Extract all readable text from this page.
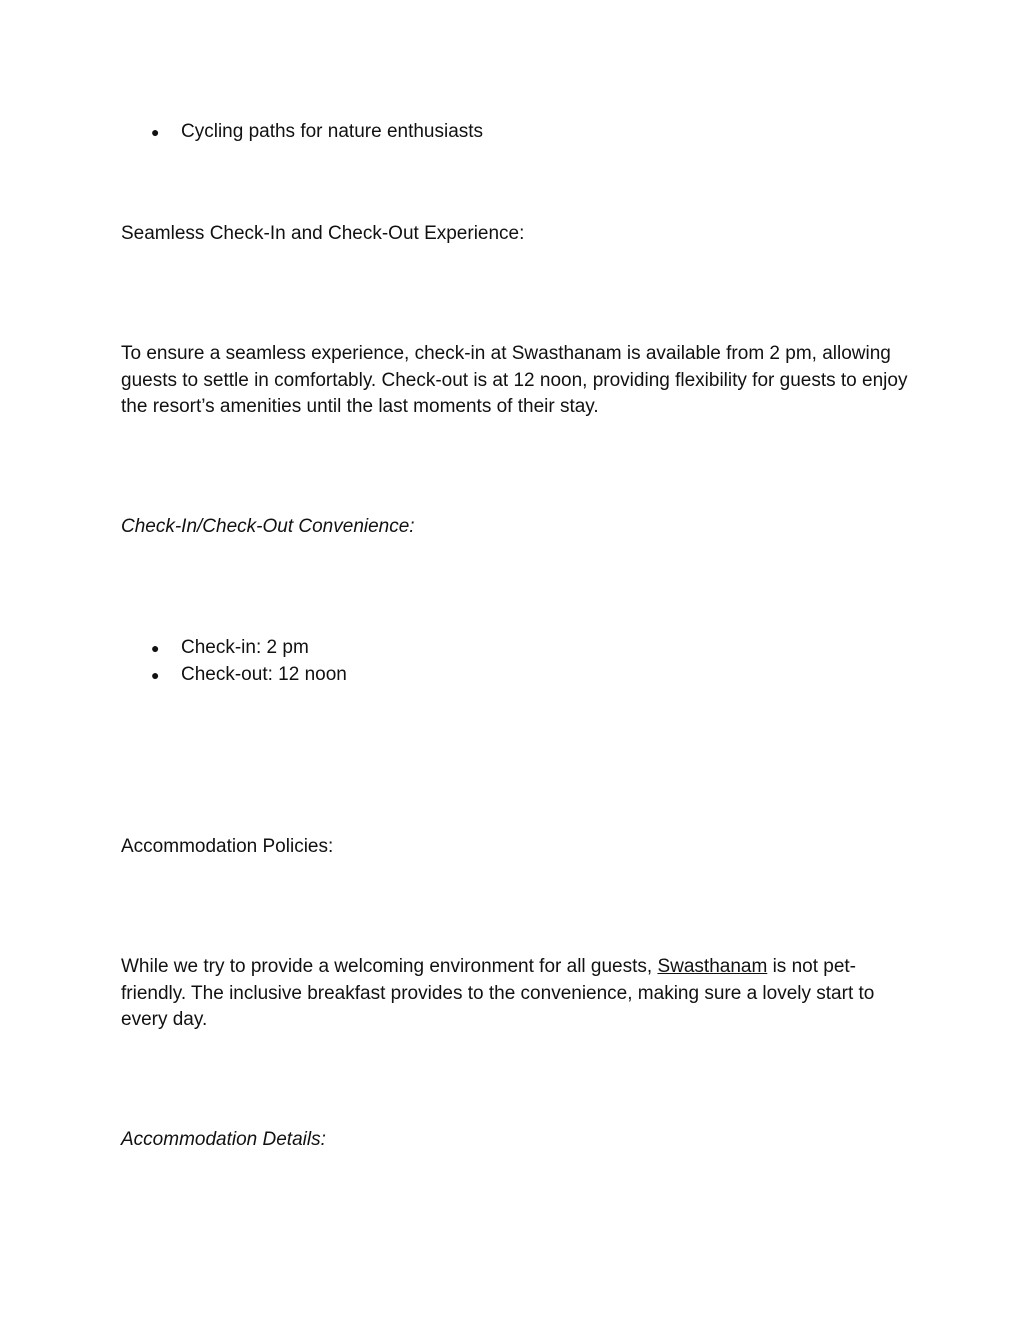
● Cycling paths for nature enthusiasts

Seamless Check-In and Check-Out Experience:

To ensure a seamless experience, check-in at Swasthanam is available from 2 pm, allowing guests to settle in comfortably. Check-out is at 12 noon, providing flexibility for guests to enjoy the resort’s amenities until the last moments of their stay.

Check-In/Check-Out Convenience:

● Check-in: 2 pm
● Check-out: 12 noon

Accommodation Policies:

While we try to provide a welcoming environment for all guests, Swasthanam is not pet-friendly. The inclusive breakfast provides to the convenience, making sure a lovely start to every day.

Accommodation Details:
